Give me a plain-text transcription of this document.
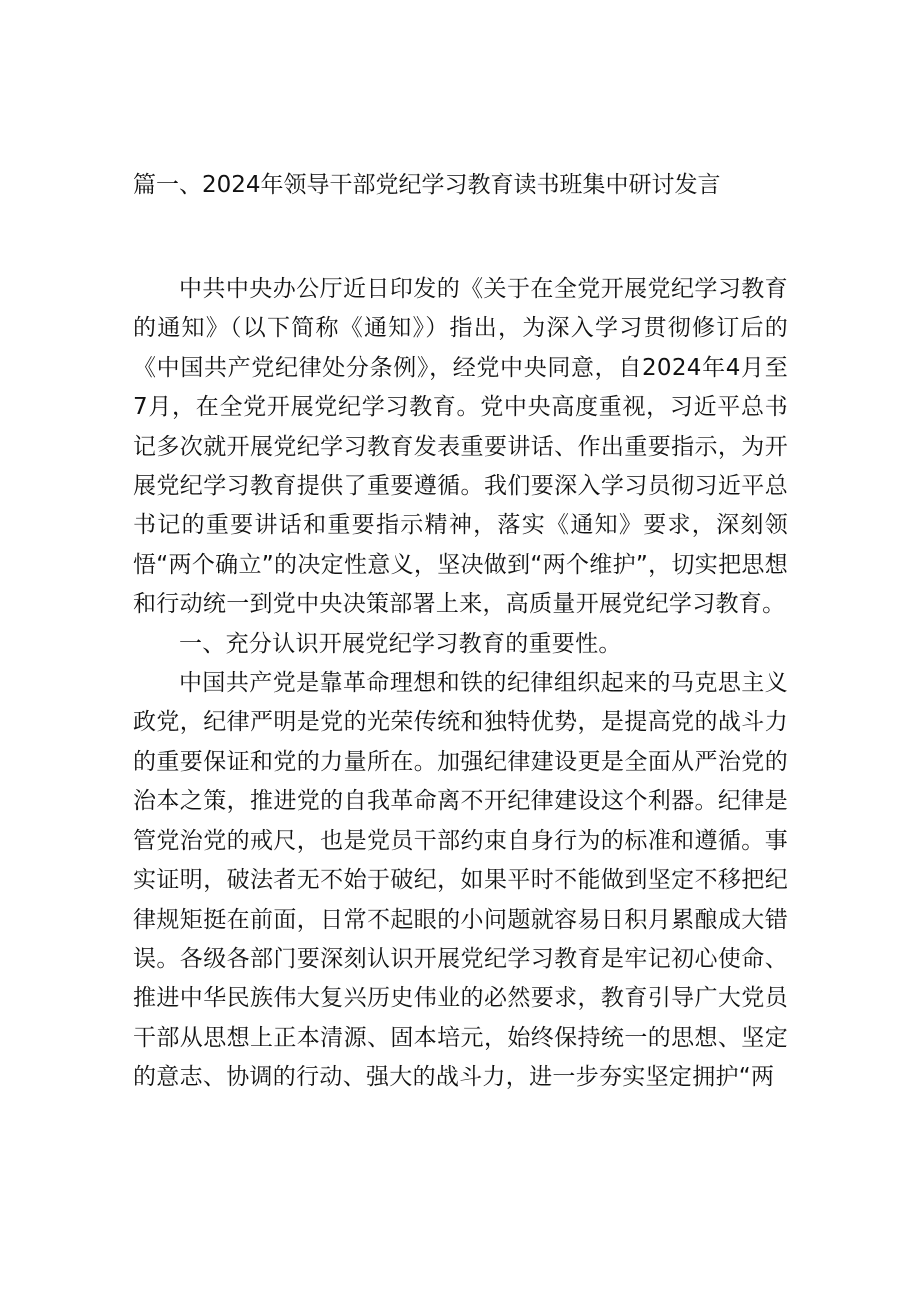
篇一、2024年领导干部党纪学习教育读书班集中研讨发言

中共中央办公厅近日印发的《关于在全党开展党纪学习教育的通知》（以下简称《通知》）指出，为深入学习贯彻修订后的《中国共产党纪律处分条例》，经党中央同意，自2024年4月至7月，在全党开展党纪学习教育。党中央高度重视，习近平总书记多次就开展党纪学习教育发表重要讲话、作出重要指示，为开展党纪学习教育提供了重要遵循。我们要深入学习员彻习近平总书记的重要讲话和重要指示精神，落实《通知》要求，深刻领悟“两个确立”的决定性意义，坚决做到“两个维护”，切实把思想和行动统一到党中央决策部署上来，高质量开展党纪学习教育。

一、充分认识开展党纪学习教育的重要性。

中国共产党是靠革命理想和铁的纪律组织起来的马克思主义政党，纪律严明是党的光荣传统和独特优势，是提高党的战斗力的重要保证和党的力量所在。加强纪律建设更是全面从严治党的治本之策，推进党的自我革命离不开纪律建设这个利器。纪律是管党治党的戒尺，也是党员干部约束自身行为的标准和遵循。事实证明，破法者无不始于破纪，如果平时不能做到坚定不移把纪律规矩挺在前面，日常不起眼的小问题就容易日积月累酿成大错误。各级各部门要深刻认识开展党纪学习教育是牢记初心使命、推进中华民族伟大复兴历史伟业的必然要求，教育引导广大党员干部从思想上正本清源、固本培元，始终保持统一的思想、坚定的意志、协调的行动、强大的战斗力，进一步夯实坚定拥护“两
